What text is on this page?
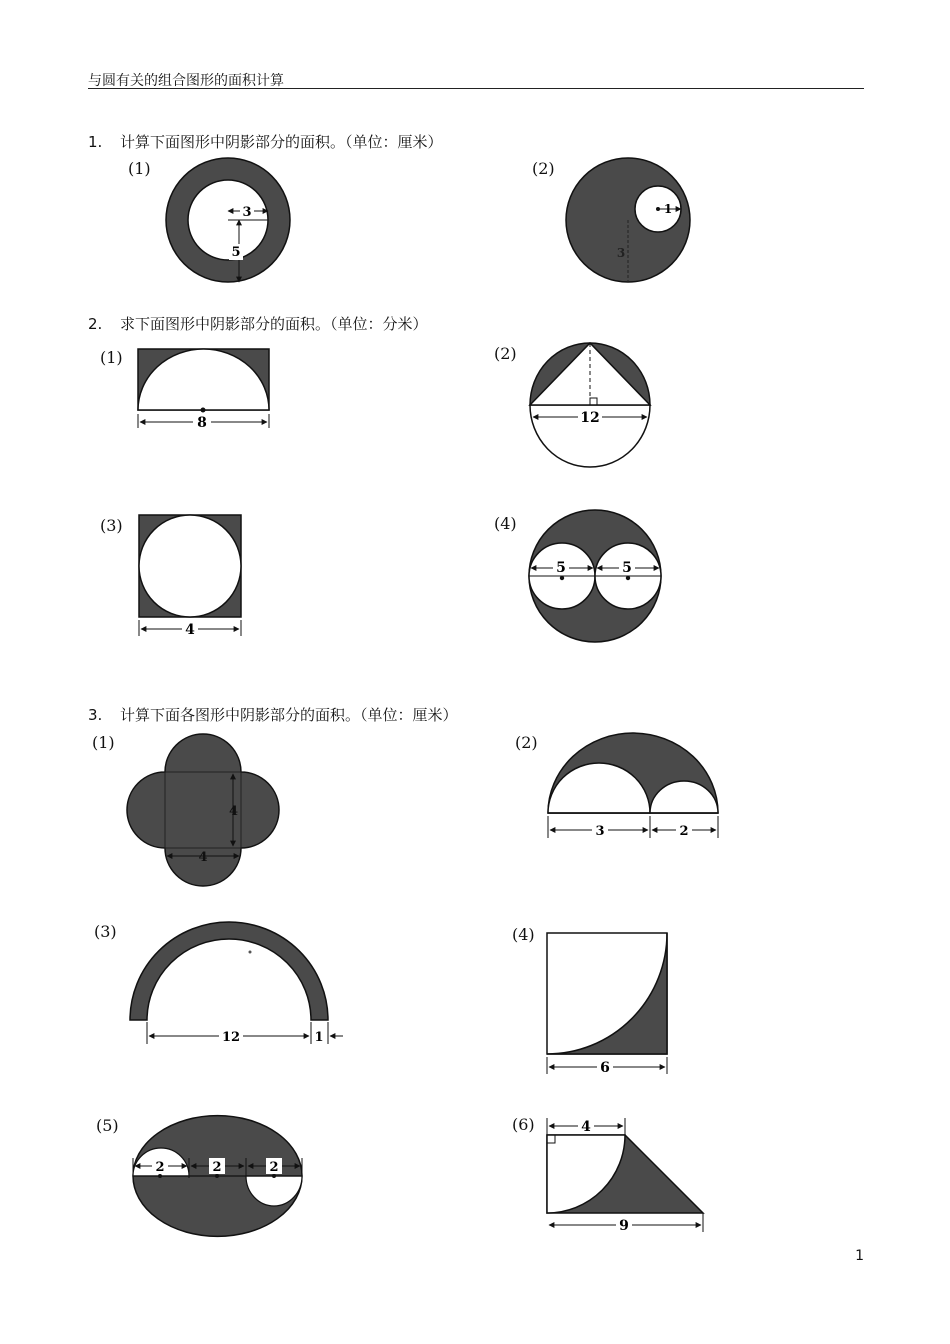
与圆有关的组合图形的面积计算
1. 计算下面图形中阴影部分的面积。（单位：厘米）
2. 求下面图形中阴影部分的面积。（单位：分米）
3. 计算下面各图形中阴影部分的面积。（单位：厘米）
(1)	(2)
(1)	(2)
(3)	(4)
(1)	(2)
(3)	(4)
(5)	(6)
3
5
1
3
8	12
4
5	5
4
4
3	2
12	1
6
2	2	2
4
9
1
